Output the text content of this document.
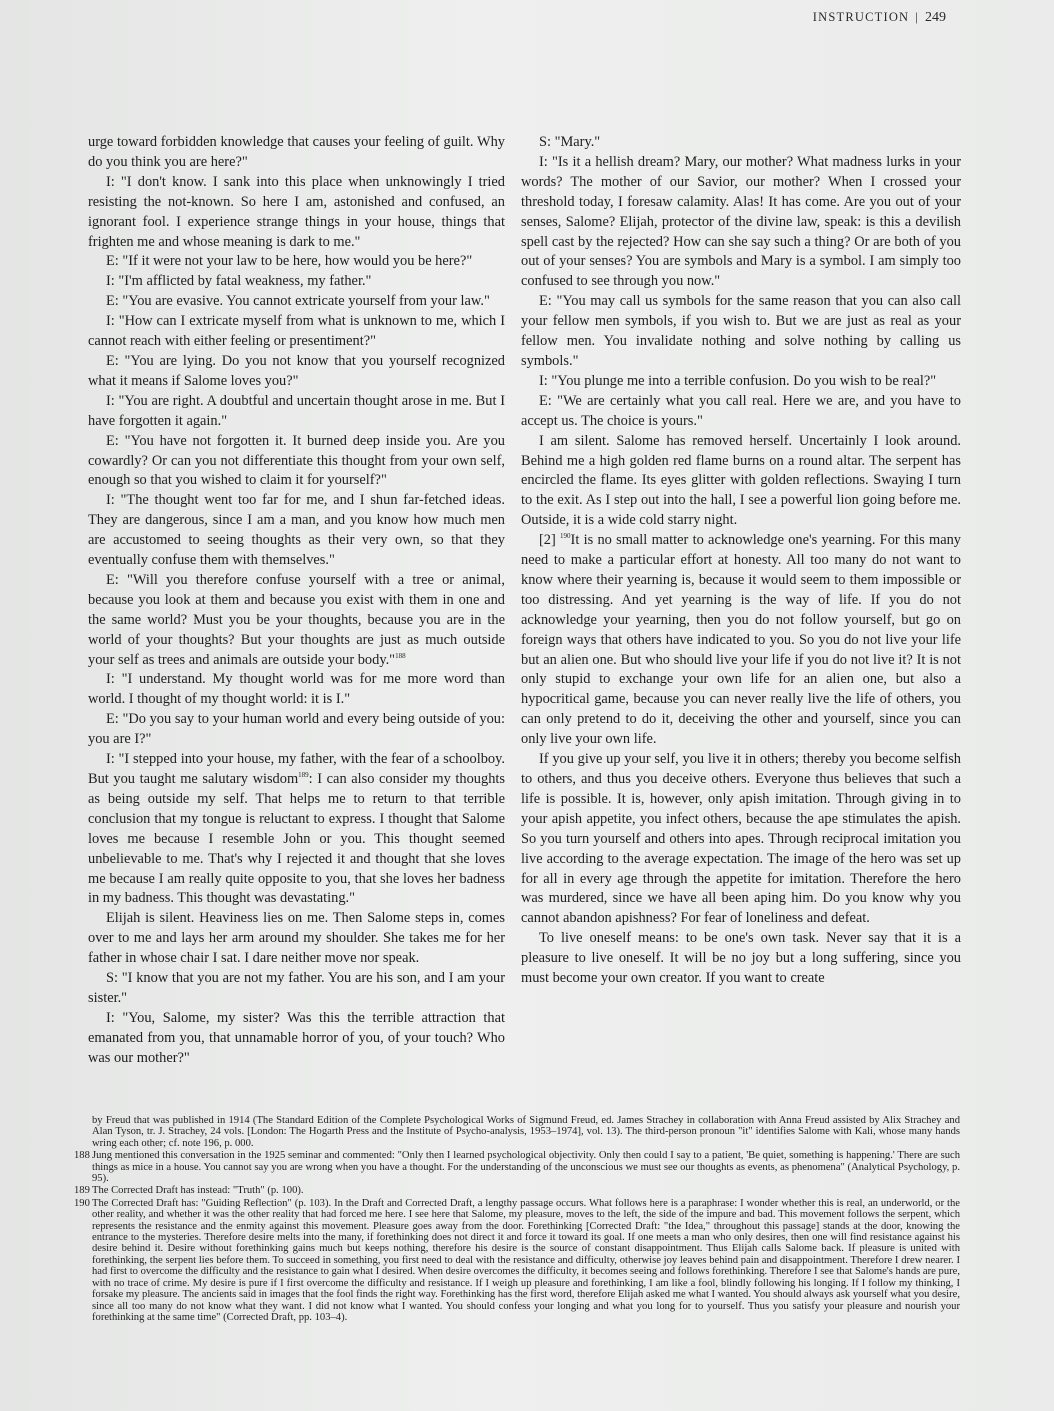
INSTRUCTION | 249

urge toward forbidden knowledge that causes your feeling of guilt. Why do you think you are here?"

I: "I don't know. I sank into this place when unknowingly I tried resisting the not-known. So here I am, astonished and confused, an ignorant fool. I experience strange things in your house, things that frighten me and whose meaning is dark to me."

E: "If it were not your law to be here, how would you be here?"

I: "I'm afflicted by fatal weakness, my father."

E: "You are evasive. You cannot extricate yourself from your law."

I: "How can I extricate myself from what is unknown to me, which I cannot reach with either feeling or presentiment?"

E: "You are lying. Do you not know that you yourself recognized what it means if Salome loves you?"

I: "You are right. A doubtful and uncertain thought arose in me. But I have forgotten it again."

E: "You have not forgotten it. It burned deep inside you. Are you cowardly? Or can you not differentiate this thought from your own self, enough so that you wished to claim it for yourself?"

I: "The thought went too far for me, and I shun far-fetched ideas. They are dangerous, since I am a man, and you know how much men are accustomed to seeing thoughts as their very own, so that they eventually confuse them with themselves."

E: "Will you therefore confuse yourself with a tree or animal, because you look at them and because you exist with them in one and the same world? Must you be your thoughts, because you are in the world of your thoughts? But your thoughts are just as much outside your self as trees and animals are outside your body."$^{188}$

I: "I understand. My thought world was for me more word than world. I thought of my thought world: it is I."

E: "Do you say to your human world and every being outside of you: you are I?"

I: "I stepped into your house, my father, with the fear of a schoolboy. But you taught me salutary wisdom$^{189}$: I can also consider my thoughts as being outside my self. That helps me to return to that terrible conclusion that my tongue is reluctant to express. I thought that Salome loves me because I resemble John or you. This thought seemed unbelievable to me. That's why I rejected it and thought that she loves me because I am really quite opposite to you, that she loves her badness in my badness. This thought was devastating."

Elijah is silent. Heaviness lies on me. Then Salome steps in, comes over to me and lays her arm around my shoulder. She takes me for her father in whose chair I sat. I dare neither move nor speak.

S: "I know that you are not my father. You are his son, and I am your sister."

I: "You, Salome, my sister? Was this the terrible attraction that emanated from you, that unnamable horror of you, of your touch? Who was our mother?"

S: "Mary."

I: "Is it a hellish dream? Mary, our mother? What madness lurks in your words? The mother of our Savior, our mother? When I crossed your threshold today, I foresaw calamity. Alas! It has come. Are you out of your senses, Salome? Elijah, protector of the divine law, speak: is this a devilish spell cast by the rejected? How can she say such a thing? Or are both of you out of your senses? You are symbols and Mary is a symbol. I am simply too confused to see through you now."

E: "You may call us symbols for the same reason that you can also call your fellow men symbols, if you wish to. But we are just as real as your fellow men. You invalidate nothing and solve nothing by calling us symbols."

I: "You plunge me into a terrible confusion. Do you wish to be real?"

E: "We are certainly what you call real. Here we are, and you have to accept us. The choice is yours."

I am silent. Salome has removed herself. Uncertainly I look around. Behind me a high golden red flame burns on a round altar. The serpent has encircled the flame. Its eyes glitter with golden reflections. Swaying I turn to the exit. As I step out into the hall, I see a powerful lion going before me. Outside, it is a wide cold starry night.

[2] $^{190}$It is no small matter to acknowledge one's yearning. For this many need to make a particular effort at honesty. All too many do not want to know where their yearning is, because it would seem to them impossible or too distressing. And yet yearning is the way of life. If you do not acknowledge your yearning, then you do not follow yourself, but go on foreign ways that others have indicated to you. So you do not live your life but an alien one. But who should live your life if you do not live it? It is not only stupid to exchange your own life for an alien one, but also a hypocritical game, because you can never really live the life of others, you can only pretend to do it, deceiving the other and yourself, since you can only live your own life.

If you give up your self, you live it in others; thereby you become selfish to others, and thus you deceive others. Everyone thus believes that such a life is possible. It is, however, only apish imitation. Through giving in to your apish appetite, you infect others, because the ape stimulates the apish. So you turn yourself and others into apes. Through reciprocal imitation you live according to the average expectation. The image of the hero was set up for all in every age through the appetite for imitation. Therefore the hero was murdered, since we have all been aping him. Do you know why you cannot abandon apishness? For fear of loneliness and defeat.

To live oneself means: to be one's own task. Never say that it is a pleasure to live oneself. It will be no joy but a long suffering, since you must become your own creator. If you want to create

by Freud that was published in 1914 (The Standard Edition of the Complete Psychological Works of Sigmund Freud, ed. James Strachey in collaboration with Anna Freud assisted by Alix Strachey and Alan Tyson, tr. J. Strachey, 24 vols. [London: The Hogarth Press and the Institute of Psycho-analysis, 1953–1974], vol. 13). The third-person pronoun "it" identifies Salome with Kali, whose many hands wring each other; cf. note 196, p. 000.

188 Jung mentioned this conversation in the 1925 seminar and commented: "Only then I learned psychological objectivity. Only then could I say to a patient, 'Be quiet, something is happening.' There are such things as mice in a house. You cannot say you are wrong when you have a thought. For the understanding of the unconscious we must see our thoughts as events, as phenomena" (Analytical Psychology, p. 95).

189 The Corrected Draft has instead: "Truth" (p. 100).

190 The Corrected Draft has: "Guiding Reflection" (p. 103). In the Draft and Corrected Draft, a lengthy passage occurs. What follows here is a paraphrase: I wonder whether this is real, an underworld, or the other reality, and whether it was the other reality that had forced me here. I see here that Salome, my pleasure, moves to the left, the side of the impure and bad. This movement follows the serpent, which represents the resistance and the enmity against this movement. Pleasure goes away from the door. Forethinking [Corrected Draft: "the Idea," throughout this passage] stands at the door, knowing the entrance to the mysteries. Therefore desire melts into the many, if forethinking does not direct it and force it toward its goal. If one meets a man who only desires, then one will find resistance against his desire behind it. Desire without forethinking gains much but keeps nothing, therefore his desire is the source of constant disappointment. Thus Elijah calls Salome back. If pleasure is united with forethinking, the serpent lies before them. To succeed in something, you first need to deal with the resistance and difficulty, otherwise joy leaves behind pain and disappointment. Therefore I drew nearer. I had first to overcome the difficulty and the resistance to gain what I desired. When desire overcomes the difficulty, it becomes seeing and follows forethinking. Therefore I see that Salome's hands are pure, with no trace of crime. My desire is pure if I first overcome the difficulty and resistance. If I weigh up pleasure and forethinking, I am like a fool, blindly following his longing. If I follow my thinking, I forsake my pleasure. The ancients said in images that the fool finds the right way. Forethinking has the first word, therefore Elijah asked me what I wanted. You should always ask yourself what you desire, since all too many do not know what they want. I did not know what I wanted. You should confess your longing and what you long for to yourself. Thus you satisfy your pleasure and nourish your forethinking at the same time" (Corrected Draft, pp. 103–4).
